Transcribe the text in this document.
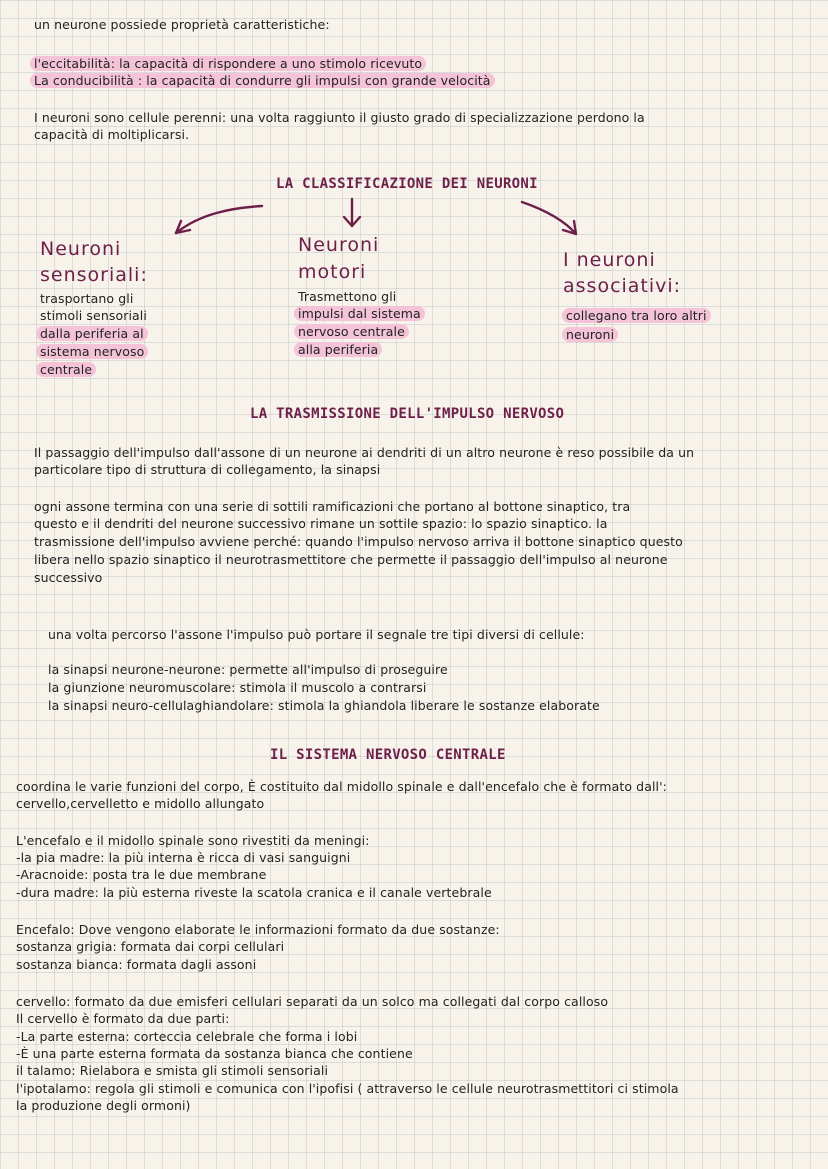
un neurone possiede proprietà caratteristiche:
l'eccitabilità: la capacità di rispondere a uno stimolo ricevuto
La conducibilità : la capacità di condurre gli impulsi con grande velocità
I neuroni sono cellule perenni: una volta raggiunto il giusto grado di specializzazione perdono la
capacità di moltiplicarsi.
LA CLASSIFICAZIONE DEI NEURONI
Neuroni
sensoriali:
trasportano gli
stimoli sensoriali
dalla periferia al
sistema nervoso
centrale
Neuroni
motori
Trasmettono gli
impulsi dal sistema
nervoso centrale
alla periferia
I neuroni
associativi:
collegano tra loro altri
neuroni
LA TRASMISSIONE DELL'IMPULSO NERVOSO
Il passaggio dell'impulso dall'assone di un neurone ai dendriti di un altro neurone è reso possibile da un
particolare tipo di struttura di collegamento, la sinapsi
ogni assone termina con una serie di sottili ramificazioni che portano al bottone sinaptico, tra
questo e il dendriti del neurone successivo rimane un sottile spazio: lo spazio sinaptico. la
trasmissione dell'impulso avviene perché: quando l'impulso nervoso arriva il bottone sinaptico questo
libera nello spazio sinaptico il neurotrasmettitore che permette il passaggio dell'impulso al neurone
successivo
una volta percorso l'assone l'impulso può portare il segnale tre tipi diversi di cellule:
la sinapsi neurone-neurone: permette all'impulso di proseguire
la giunzione neuromuscolare: stimola il muscolo a contrarsi
la sinapsi neuro-cellulaghiandolare: stimola la ghiandola liberare le sostanze elaborate
IL SISTEMA NERVOSO CENTRALE
coordina le varie funzioni del corpo, È costituito dal midollo spinale e dall'encefalo che è formato dall':
cervello,cervelletto e midollo allungato
L'encefalo e il midollo spinale sono rivestiti da meningi:
-la pia madre: la più interna è ricca di vasi sanguigni
-Aracnoide: posta tra le due membrane
-dura madre: la più esterna riveste la scatola cranica e il canale vertebrale
Encefalo: Dove vengono elaborate le informazioni formato da due sostanze:
sostanza grigia: formata dai corpi cellulari
sostanza bianca: formata dagli assoni
cervello: formato da due emisferi cellulari separati da un solco ma collegati dal corpo calloso
Il cervello è formato da due parti:
-La parte esterna: corteccia celebrale che forma i lobi
-È una parte esterna formata da sostanza bianca che contiene
il talamo: Rielabora e smista gli stimoli sensoriali
l'ipotalamo: regola gli stimoli e comunica con l'ipofisi ( attraverso le cellule neurotrasmettitori ci stimola
la produzione degli ormoni)
